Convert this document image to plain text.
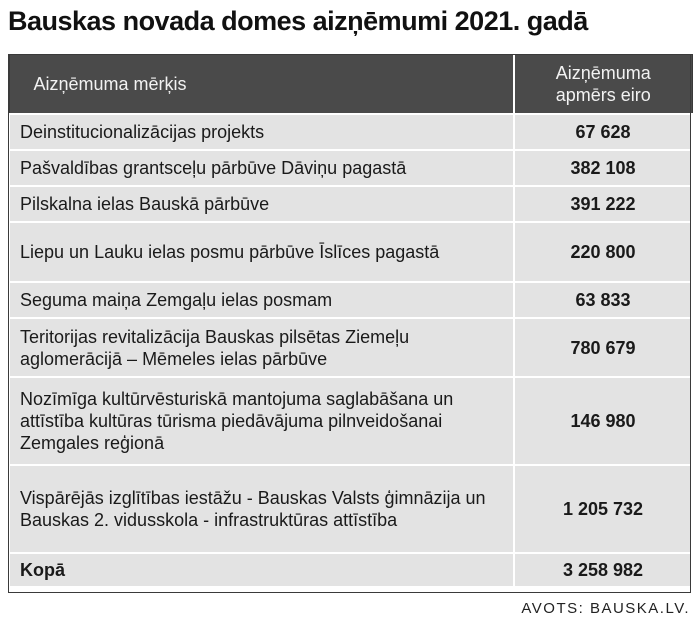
Bauskas novada domes aizņēmumi 2021. gadā
Aizņēmuma mērķis	Aizņēmuma
apmērs eiro

Deinstitucionalizācijas projekts	67 628
Pašvaldības grantsceļu pārbūve Dāviņu pagastā	382 108
Pilskalna ielas Bauskā pārbūve	391 222
Liepu un Lauku ielas posmu pārbūve Īslīces pagastā	220 800
Seguma maiņa Zemgaļu ielas posmam	63 833
Teritorijas revitalizācija Bauskas pilsētas Ziemeļu aglomerācijā – Mēmeles ielas pārbūve	780 679
Nozīmīga kultūrvēsturiskā mantojuma saglabāšana un attīstība kultūras tūrisma piedāvājuma pilnveidošanai Zemgales reģionā	146 980
Vispārējās izglītības iestāžu - Bauskas Valsts ģimnāzija un Bauskas 2. vidusskola - infrastruktūras attīstība	1 205 732
Kopā	3 258 982
AVOTS: BAUSKA.LV.
